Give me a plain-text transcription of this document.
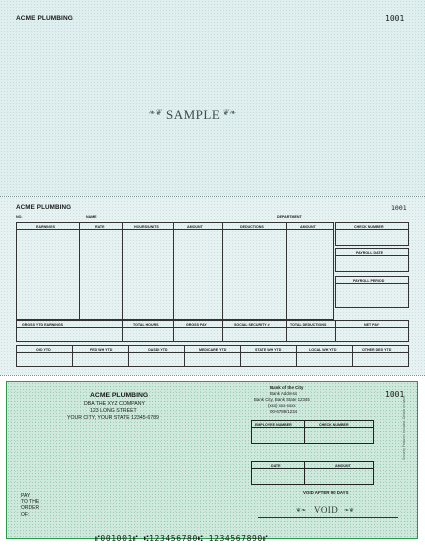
ACME PLUMBING	1001
❧❦ SAMPLE ❦❧
ACME PLUMBING	1001
NO.	NAME	DEPARTMENT
EARNINGS	RATE	HOURS/UNITS	AMOUNT	DEDUCTIONS	AMOUNT	CHECK NUMBER
PAYROLL DATE
PAYROLL PERIOD
GROSS YTD EARNINGS	TOTAL HOURS	GROSS PAY	SOCIAL SECURITY #	TOTAL DEDUCTIONS	NET PAY
OIO YTD	FED WH YTD	OASDI YTD	MEDICARE YTD	STATE WH YTD	LOCAL WH YTD	OTHER DED YTD
ACME PLUMBING
DBA THE XYZ COMPANY
123 LONG STREET
YOUR CITY, YOUR STATE 12345-6789
Bank of the City
Bank Address
Bank City, Bank State 12345
(xxx) xxx-xxxx
00-6789/1234
1001
Security Features Included. Details on back.
EMPLOYEE NUMBER	CHECK NUMBER
DATE	AMOUNT
VOID AFTER 90 DAYS
PAY
TO THE
ORDER
OF:
❦❧ VOID ❧❦
⑈001001⑈ ⑆123456780⑆ 1234567890⑈
